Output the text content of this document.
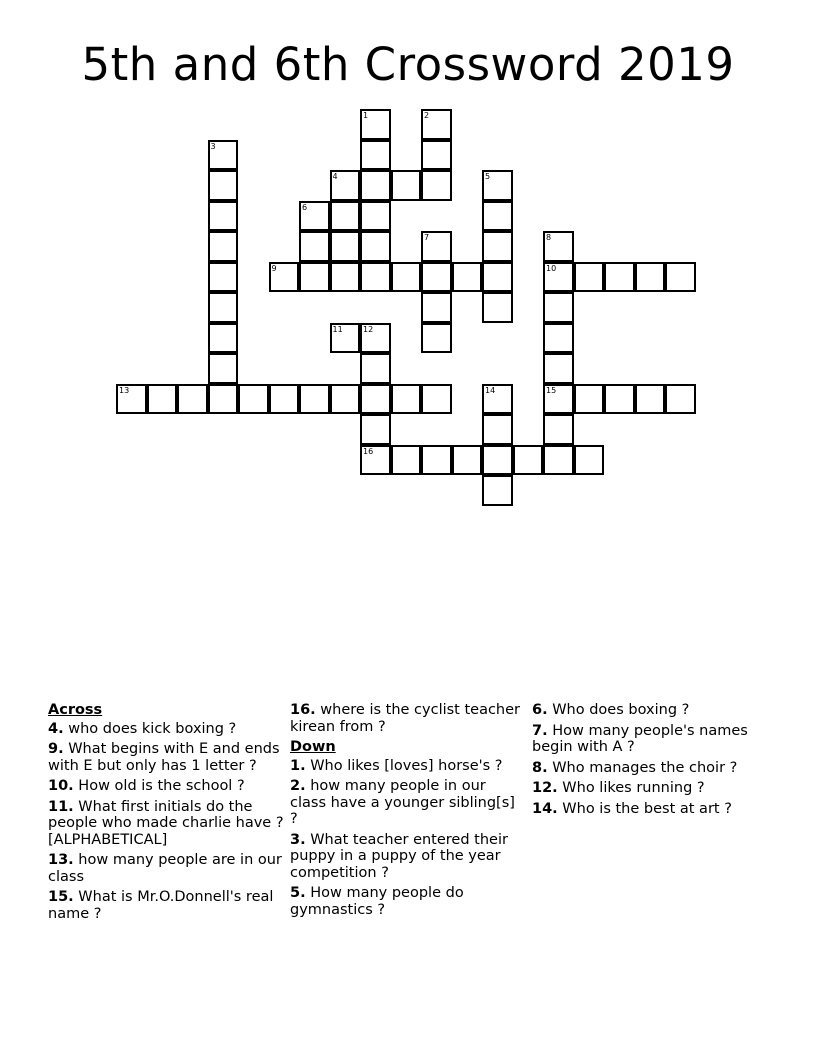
5th and 6th Crossword 2019
3
6
4
11
1
12
16
2
7
5
14
8
10
15
9
13
Across
4. who does kick boxing ?
9. What begins with E and ends with E but only has 1 letter ?
10. How old is the school ?
11. What first initials do the people who made charlie have ? [ALPHABETICAL]
13. how many people are in our class
15. What is Mr.O.Donnell's real name ?
16. where is the cyclist teacher kirean from ?
Down
1. Who likes [loves] horse's ?
2. how many people in our class have a younger sibling[s] ?
3. What teacher entered their puppy in a puppy of the year competition ?
5. How many people do gymnastics ?
6. Who does boxing ?
7. How many people's names begin with A ?
8. Who manages the choir ?
12. Who likes running ?
14. Who is the best at art ?
